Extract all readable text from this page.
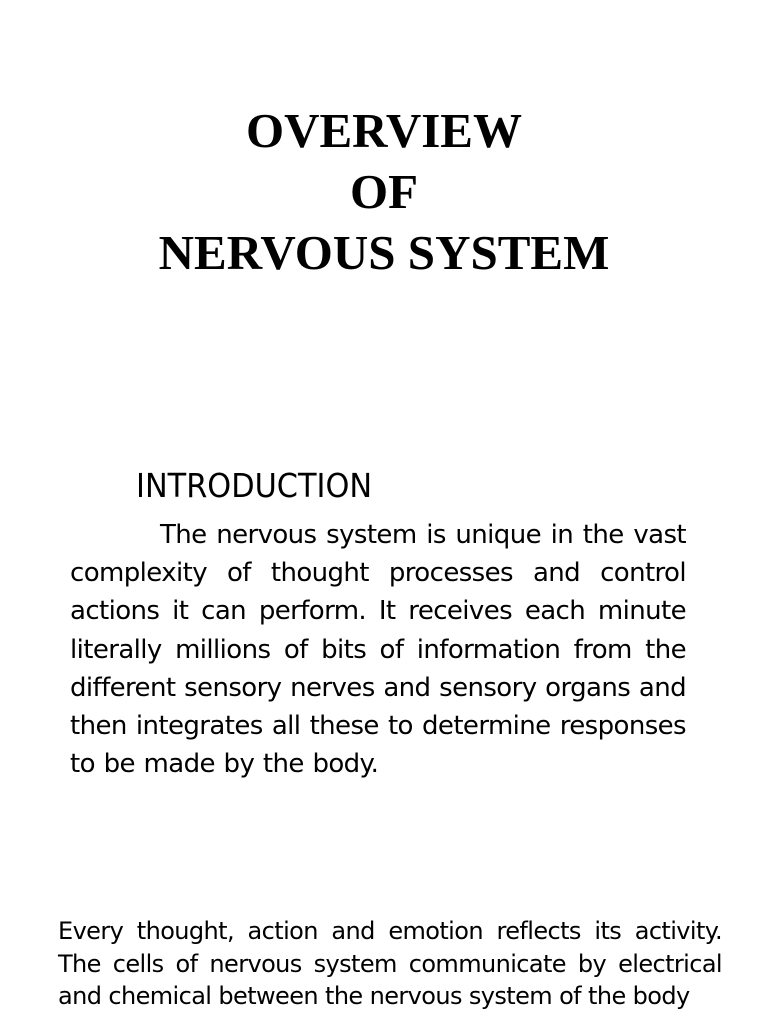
OVERVIEW
OF
NERVOUS SYSTEM
INTRODUCTION

The nervous system is unique in the vast complexity of thought processes and control actions it can perform. It receives each minute literally millions of bits of information from the different sensory nerves and sensory organs and then integrates all these to determine responses to be made by the body.

Every thought, action and emotion reflects its activity. The cells of nervous system communicate by electrical and chemical between the nervous system of the body
